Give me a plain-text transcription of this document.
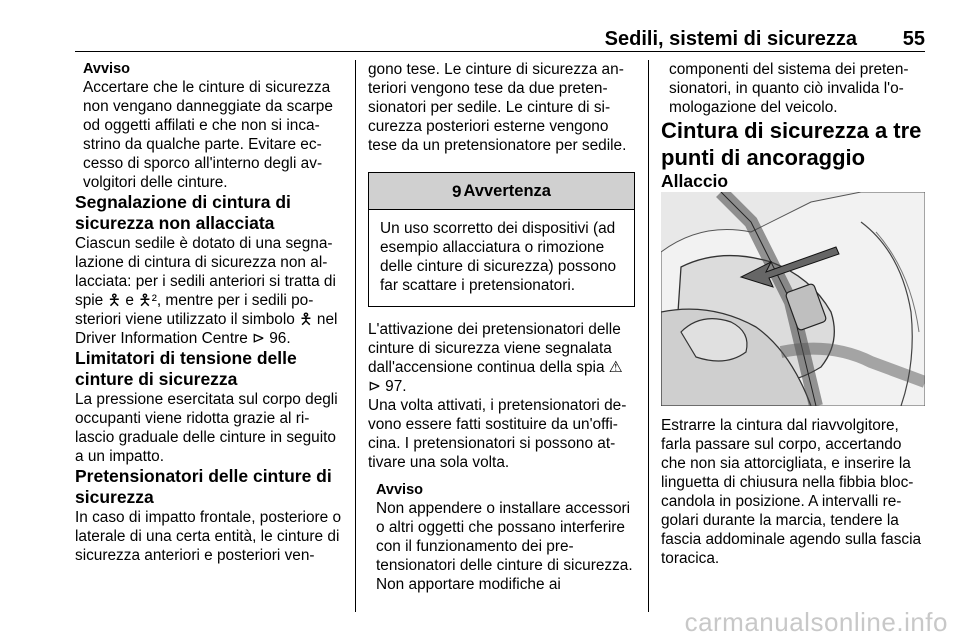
Sedili, sistemi di sicurezza 55

Avviso

Accertare che le cinture di sicurezza non vengano danneggiate da scarpe od oggetti affilati e che non si incastrino da qualche parte. Evitare eccesso di sporco all'interno degli avvolgitori delle cinture.

Segnalazione di cintura di sicurezza non allacciata

Ciascun sedile è dotato di una segnalazione di cintura di sicurezza non allacciata: per i sedili anteriori si tratta di spie 🯅 e 🯅², mentre per i sedili posteriori viene utilizzato il simbolo 🯅 nel Driver Information Centre ⊳ 96.

Limitatori di tensione delle cinture di sicurezza

La pressione esercitata sul corpo degli occupanti viene ridotta grazie al rilascio graduale delle cinture in seguito a un impatto.

Pretensionatori delle cinture di sicurezza

In caso di impatto frontale, posteriore o laterale di una certa entità, le cinture di sicurezza anteriori e posteriori ven-

gono tese. Le cinture di sicurezza anteriori vengono tese da due pretensionatori per sedile. Le cinture di sicurezza posteriori esterne vengono tese da un pretensionatore per sedile.

9 Avvertenza
Un uso scorretto dei dispositivi (ad esempio allacciatura o rimozione delle cinture di sicurezza) possono far scattare i pretensionatori.

L'attivazione dei pretensionatori delle cinture di sicurezza viene segnalata dall'accensione continua della spia ⚠ ⊳ 97.

Una volta attivati, i pretensionatori devono essere fatti sostituire da un'officina. I pretensionatori si possono attivare una sola volta.

Avviso

Non appendere o installare accessori o altri oggetti che possano interferire con il funzionamento dei pretensionatori delle cinture di sicurezza. Non apportare modifiche ai

componenti del sistema dei pretensionatori, in quanto ciò invalida l'omologazione del veicolo.

Cintura di sicurezza a tre punti di ancoraggio

Allaccio

Estrarre la cintura dal riavvolgitore, farla passare sul corpo, accertando che non sia attorcigliata, e inserire la linguetta di chiusura nella fibbia bloccandola in posizione. A intervalli regolari durante la marcia, tendere la fascia addominale agendo sulla fascia toracica.

carmanualsonline.info
